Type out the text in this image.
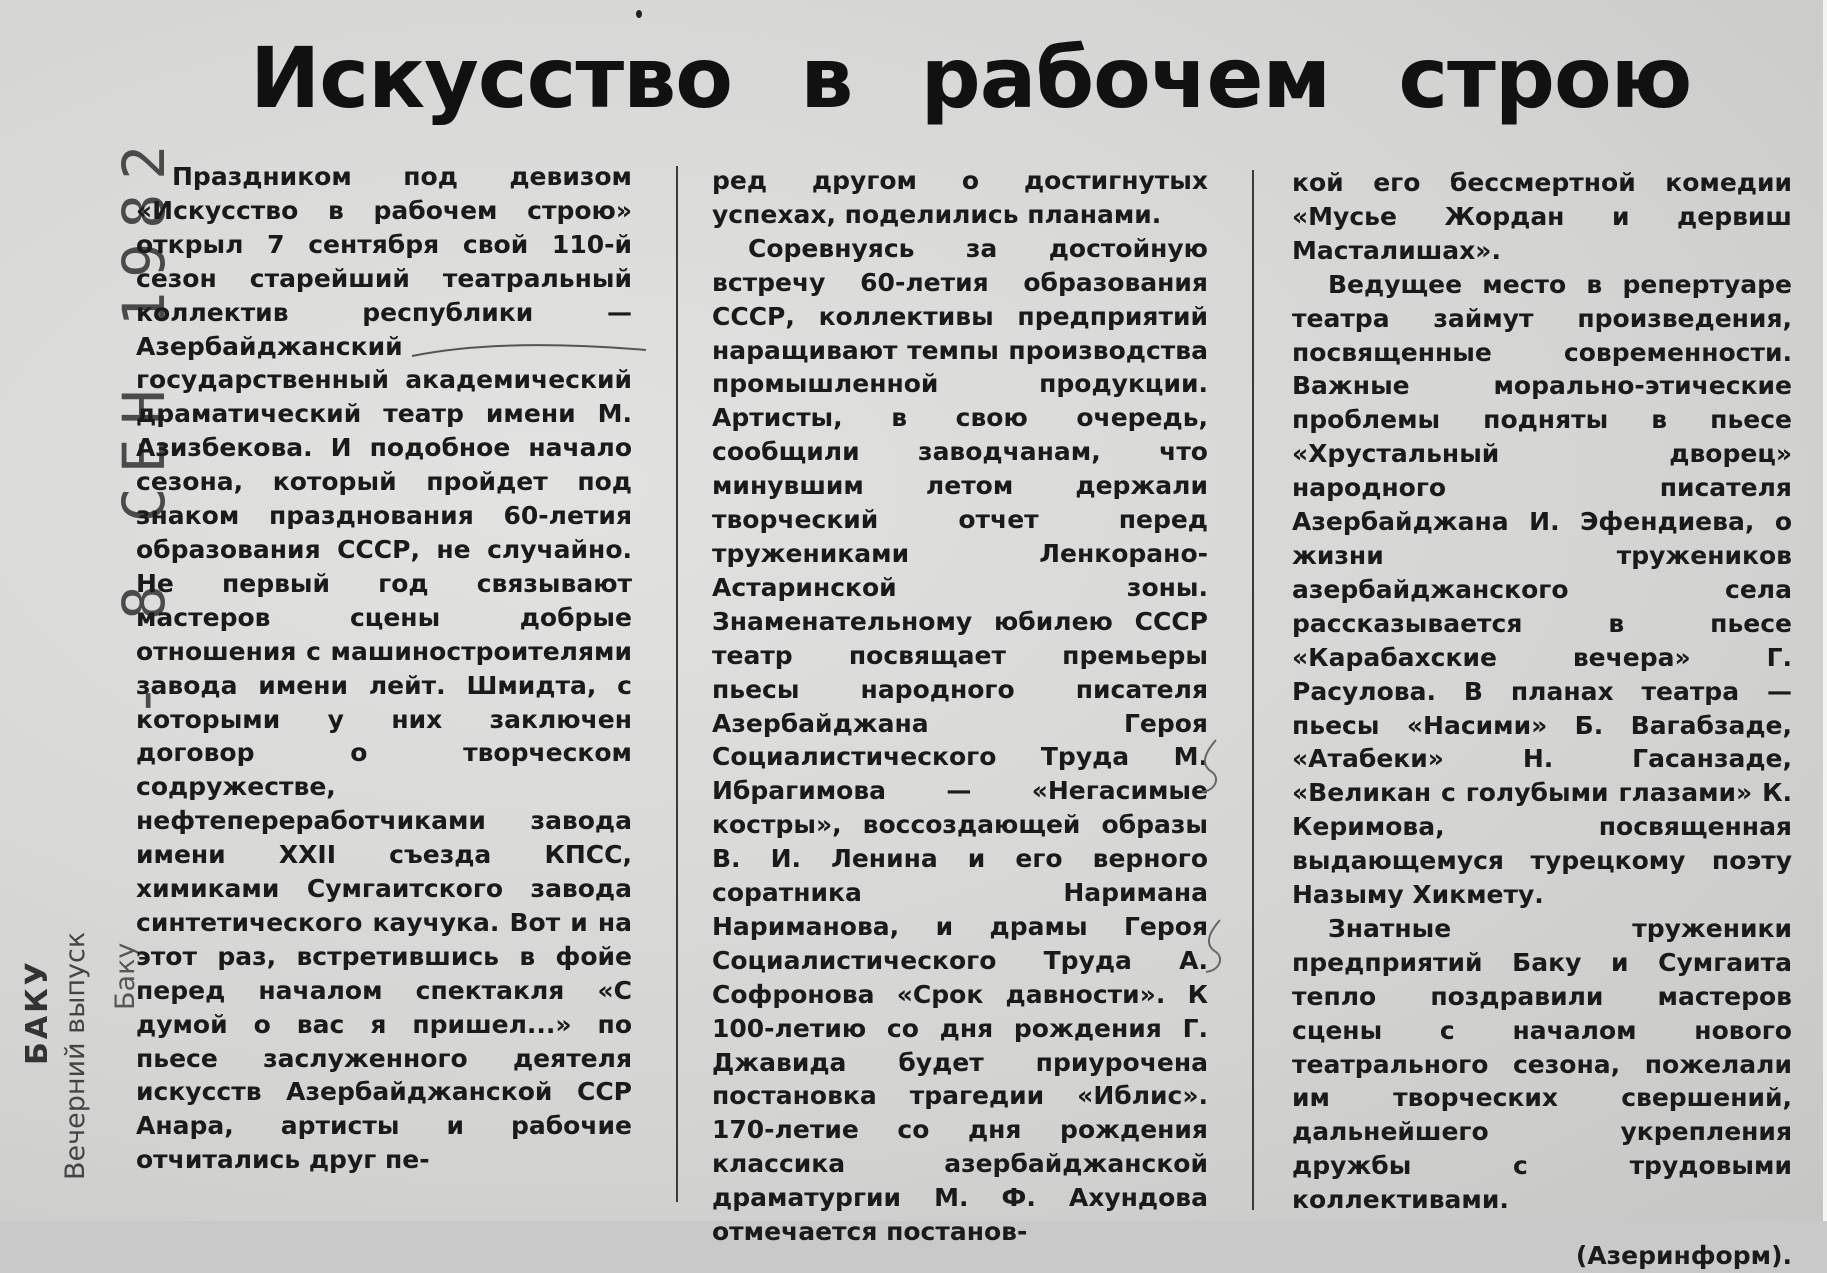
Искусство в рабочем строю
- 8 СЕН 1982
БАКУ Вечерний выпуск Баку

Праздником под девизом «Искусство в рабочем строю» открыл 7 сентября свой 110-й сезон старейший театральный коллектив республики — Азербайджанский государственный академический драматический театр имени М. Азизбекова. И подобное начало сезона, который пройдет под знаком празднования 60-летия образования СССР, не случайно. Не первый год связывают мастеров сцены добрые отношения с машиностроителями завода имени лейт. Шмидта, с которыми у них заключен договор о творческом содружестве, нефтепереработчиками завода имени XXII съезда КПСС, химиками Сумгаитского завода синтетического каучука. Вот и на этот раз, встретившись в фойе перед началом спектакля «С думой о вас я пришел...» по пьесе заслуженного деятеля искусств Азербайджанской ССР Анара, артисты и рабочие отчитались друг пе-

ред другом о достигнутых успехах, поделились планами.

Соревнуясь за достойную встречу 60-летия образования СССР, коллективы предприятий наращивают темпы производства промышленной продукции. Артисты, в свою очередь, сообщили заводчанам, что минувшим летом держали творческий отчет перед тружениками Ленкорано-Астаринской зоны. Знаменательному юбилею СССР театр посвящает премьеры пьесы народного писателя Азербайджана Героя Социалистического Труда М. Ибрагимова — «Негасимые костры», воссоздающей образы В. И. Ленина и его верного соратника Наримана Нариманова, и драмы Героя Социалистического Труда А. Софронова «Срок давности». К 100-летию со дня рождения Г. Джавида будет приурочена постановка трагедии «Иблис». 170-летие со дня рождения классика азербайджанской драматургии М. Ф. Ахундова отмечается постанов-

кой его бессмертной комедии «Мусье Жордан и дервиш Масталишах».

Ведущее место в репертуаре театра займут произведения, посвященные современности. Важные морально-этические проблемы подняты в пьесе «Хрустальный дворец» народного писателя Азербайджана И. Эфендиева, о жизни тружеников азербайджанского села рассказывается в пьесе «Карабахские вечера» Г. Расулова. В планах театра — пьесы «Насими» Б. Вагабзаде, «Атабеки» Н. Гасанзаде, «Великан с голубыми глазами» К. Керимова, посвященная выдающемуся турецкому поэту Назыму Хикмету.

Знатные труженики предприятий Баку и Сумгаита тепло поздравили мастеров сцены с началом нового театрального сезона, пожелали им творческих свершений, дальнейшего укрепления дружбы с трудовыми коллективами.

(Азеринформ).
